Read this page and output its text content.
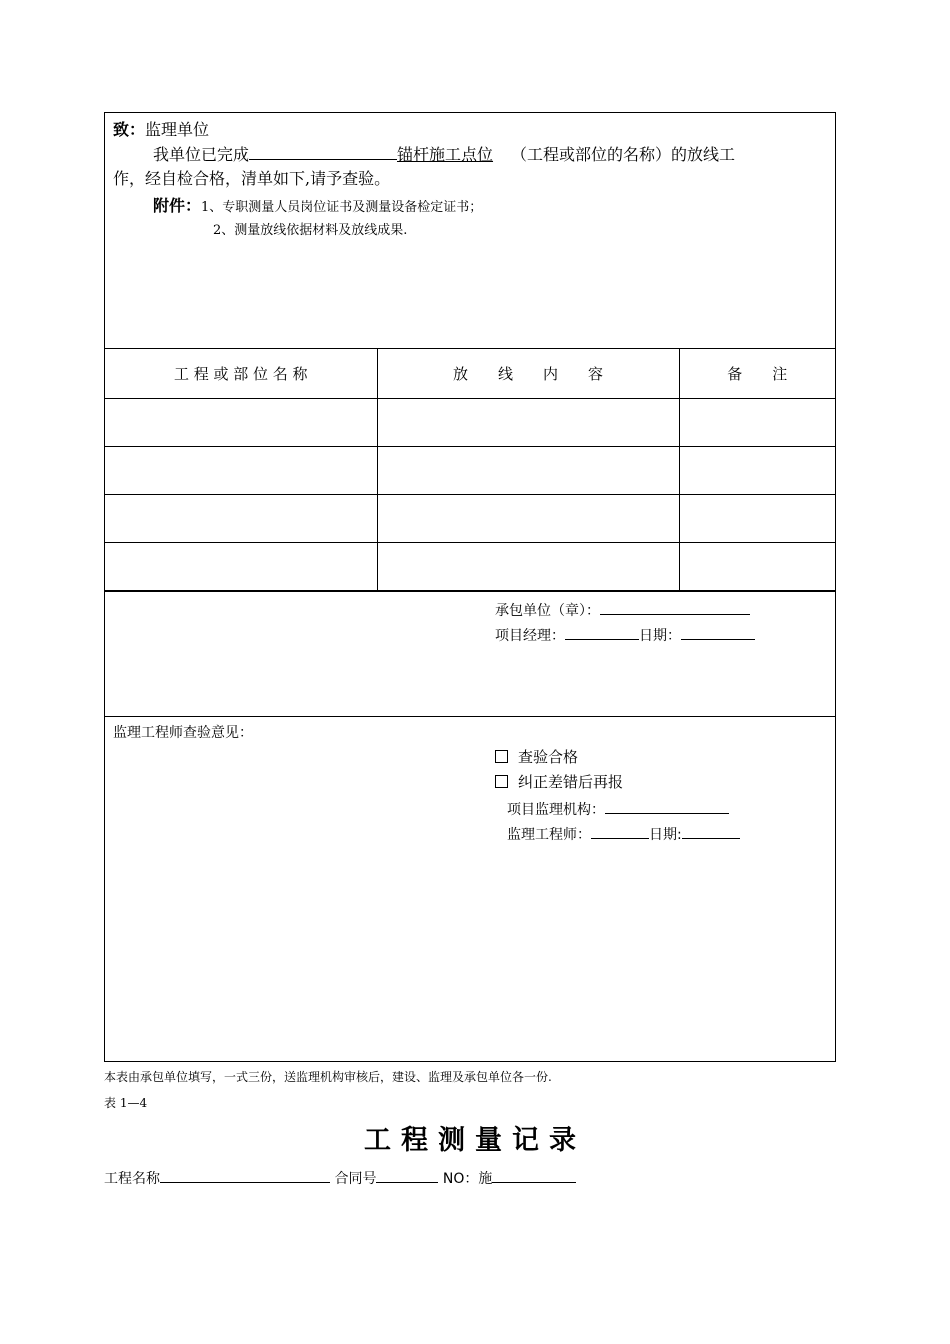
致：监理单位
我单位已完成	锚杆施工点位 （工程或部位的名称）的放线工
作，经自检合格，清单如下,请予查验。
附件：1、专职测量人员岗位证书及测量设备检定证书；
2、测量放线依据材料及放线成果.
工 程 或 部 位 名 称	放　　线　　内　　容	备　　注

承包单位（章）：
项目经理：	日期：
监理工程师查验意见：
查验合格
纠正差错后再报
项目监理机构：
监理工程师：	日期:
本表由承包单位填写，一式三份，送监理机构审核后，建设、监理及承包单位各一份.
表 1—4
工程测量记录
工程名称	合同号	NO：施
